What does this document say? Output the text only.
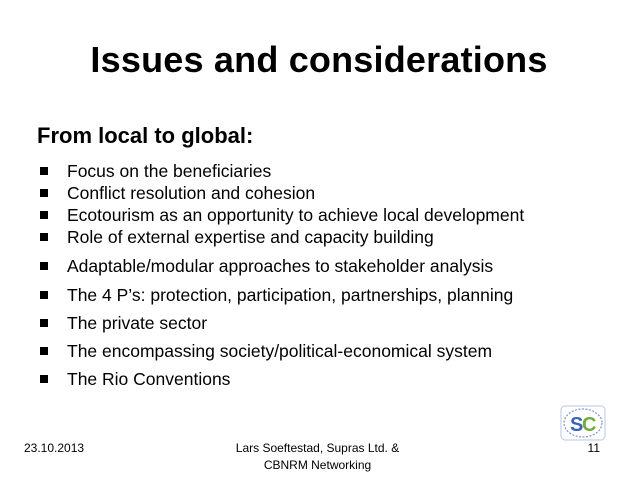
Issues and considerations
From local to global:
Focus on the beneficiaries
Conflict resolution and cohesion
Ecotourism as an opportunity to achieve local development
Role of external expertise and capacity building
Adaptable/modular approaches to stakeholder analysis
The 4 P’s: protection, participation, partnerships, planning
The private sector
The encompassing society/political-economical system
The Rio Conventions
S
C
23.10.2013	Lars Soeftestad, Supras Ltd. &
CBNRM Networking
11
